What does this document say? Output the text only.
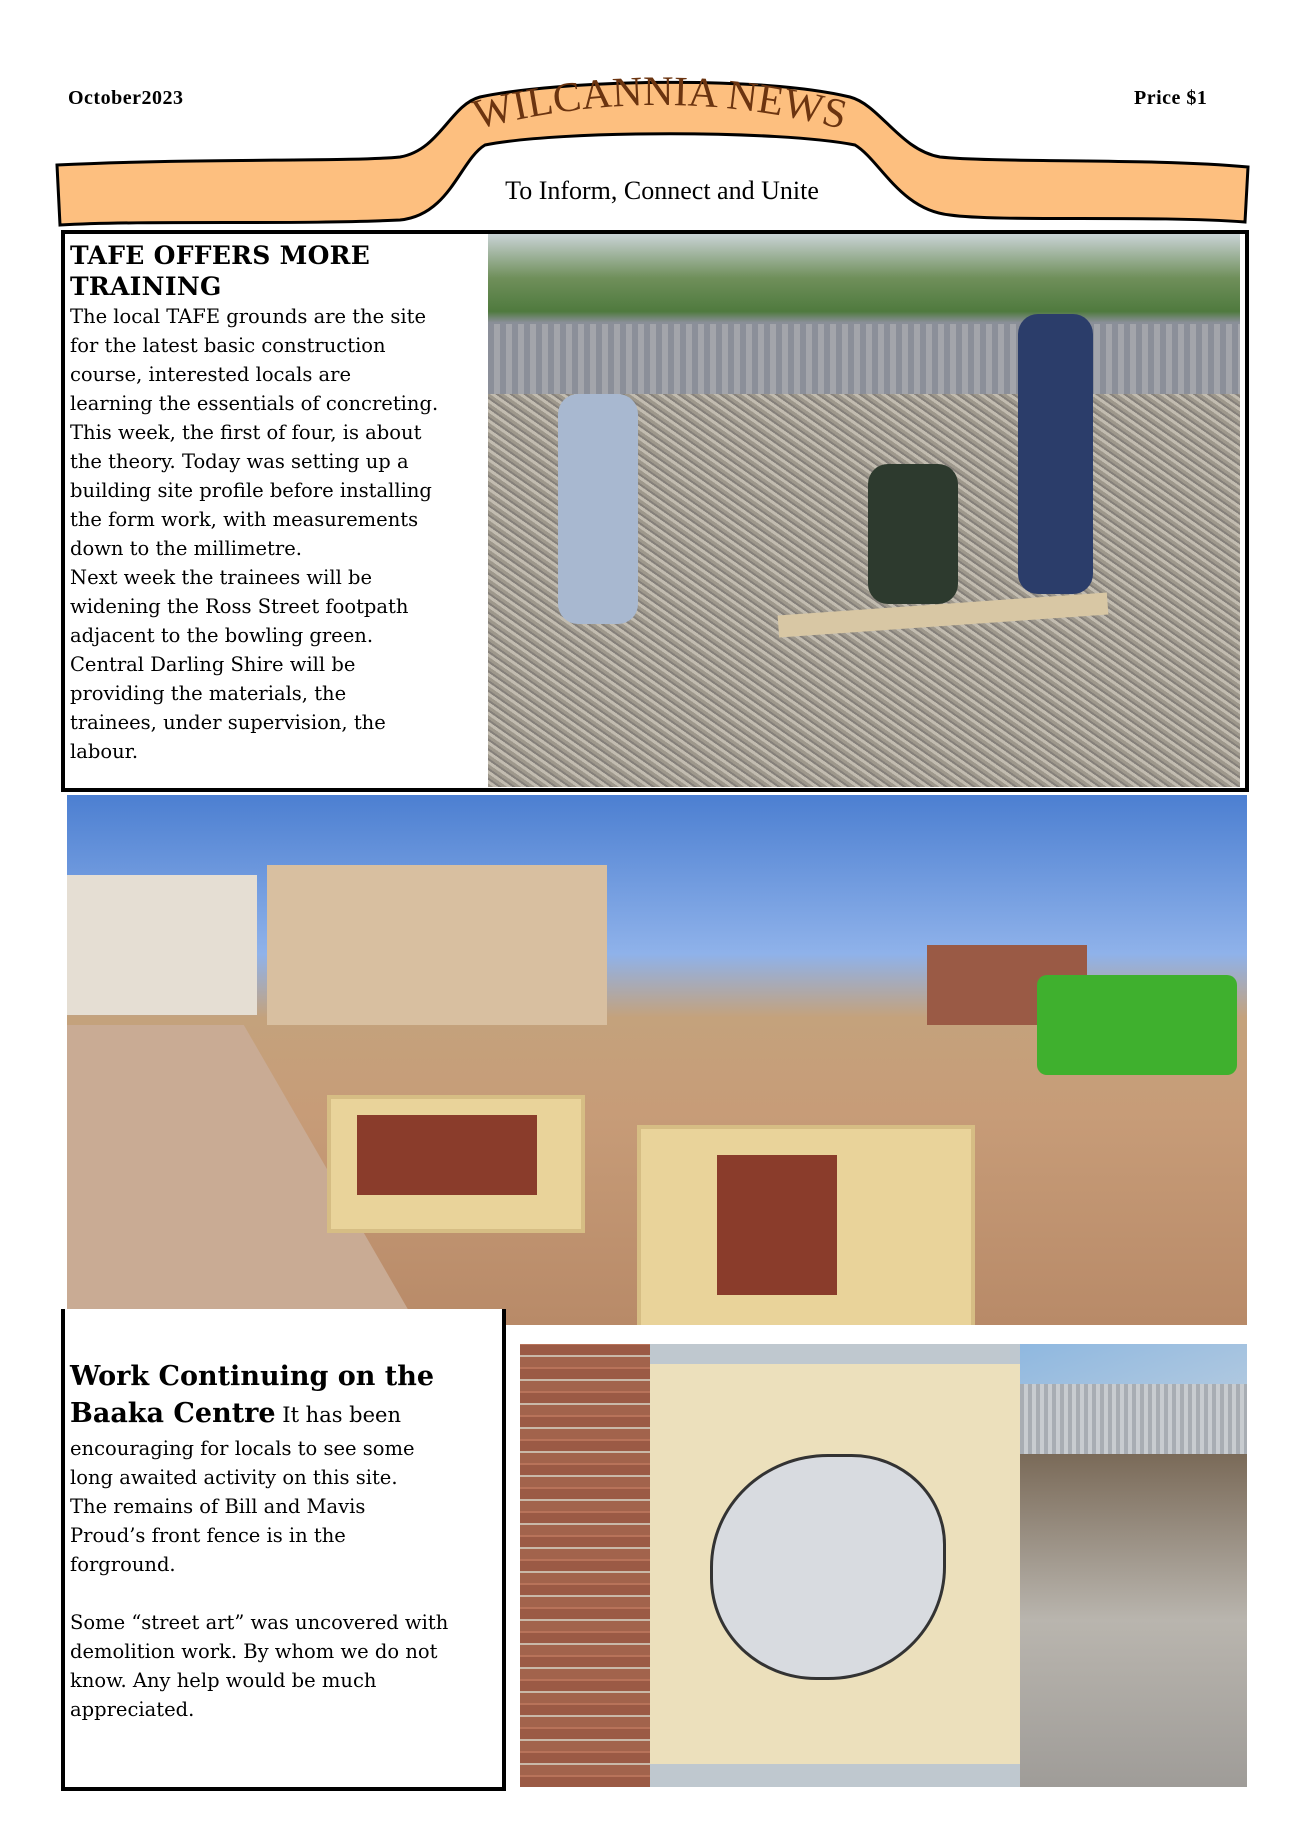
October2023	Price $1
WILCANNIA NEWS
To Inform, Connect and Unite
TAFE OFFERS MORE
TRAINING
The local TAFE grounds are the site
for the latest basic construction
course, interested locals are
learning the essentials of concreting.
This week, the first of four, is about
the theory. Today was setting up a
building site profile before installing
the form work, with measurements
down to the millimetre.
Next week the trainees will be
widening the Ross Street footpath
adjacent to the bowling green.
Central Darling Shire will be
providing the materials, the
trainees, under supervision, the
labour.
Work Continuing on the
Baaka Centre It has been
encouraging for locals to see some
long awaited activity on this site.
The remains of Bill and Mavis
Proud’s front fence is in the
forground.

Some “street art” was uncovered with
demolition work. By whom we do not
know. Any help would be much
appreciated.
